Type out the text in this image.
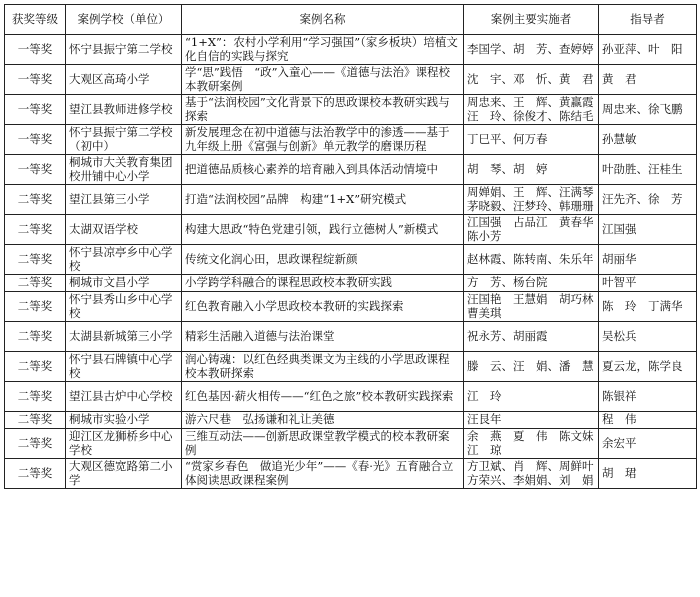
获奖等级	案例学校（单位）	案例名称	案例主要实施者	指导者
一等奖	怀宁县振宁第二学校	“1+X”：农村小学利用“学习强国”（家乡板块）培植文化自信的实践与探究	李国学、胡　芳、查婷婷	孙亚萍、叶　阳
一等奖	大观区高琦小学	学“思”践悟　“政”入童心——《道德与法治》课程校本教研案例	沈　宇、邓　忻、黄　君	黄　君
一等奖	望江县教师进修学校	基于“法润校园”文化背景下的思政课校本教研实践与探索	周忠来、王　辉、黄赢霞汪　玲、徐俊才、陈结毛	周忠来、徐飞鹏
一等奖	怀宁县振宁第二学校（初中）	新发展理念在初中道德与法治教学中的渗透——基于九年级上册《富强与创新》单元教学的磨课历程	丁巳平、何万春	孙慧敏
一等奖	桐城市大关教育集团校卅铺中心小学	把道德品质核心素养的培育融入到具体活动情境中	胡　琴、胡　婷	叶劭胜、汪桂生
二等奖	望江县第三小学	打造“法润校园”品牌　构建“1+X”研究模式	周婵娟、王　辉、汪满琴茅晓毅、汪梦玲、韩珊珊	汪先齐、徐　芳
二等奖	太湖双语学校	构建大思政“特色党建引领，践行立德树人”新模式	江国强　占品江　黄春华陈小芳	江国强
二等奖	怀宁县凉亭乡中心学校	传统文化润心田，思政课程绽新颜	赵林霞、陈转南、朱乐年	胡丽华
二等奖	桐城市文昌小学	小学跨学科融合的课程思政校本教研实践	方　芳、杨台院	叶智平
二等奖	怀宁县秀山乡中心学校	红色教育融入小学思政校本教研的实践探索	汪国艳　王慧娟　胡巧林曹美琪	陈　玲　丁满华
二等奖	太湖县新城第三小学	精彩生活融入道德与法治课堂	祝永芳、胡丽霞	吴松兵
二等奖	怀宁县石牌镇中心学校	润心铸魂：以红色经典类课文为主线的小学思政课程校本教研探索	滕　云、汪　娟、潘　慧	夏云龙，陈学良
二等奖	望江县古炉中心学校	红色基因·薪火相传——“红色之旅”校本教研实践探索	江　玲	陈银祥
二等奖	桐城市实验小学	游六尺巷　弘扬谦和礼让美德	汪艮年	程　伟
二等奖	迎江区龙狮桥乡中心学校	三维互动法——创新思政课堂教学模式的校本教研案例	余　燕　夏　伟　陈文妹江　琼	余宏平
二等奖	大观区德宽路第二小学	“赏家乡春色　做追光少年”——《春·光》五育融合立体阅读思政课程案例	方卫斌、肖　辉、周鲜叶方荣兴、李娟娟、刘　娟	胡　珺
